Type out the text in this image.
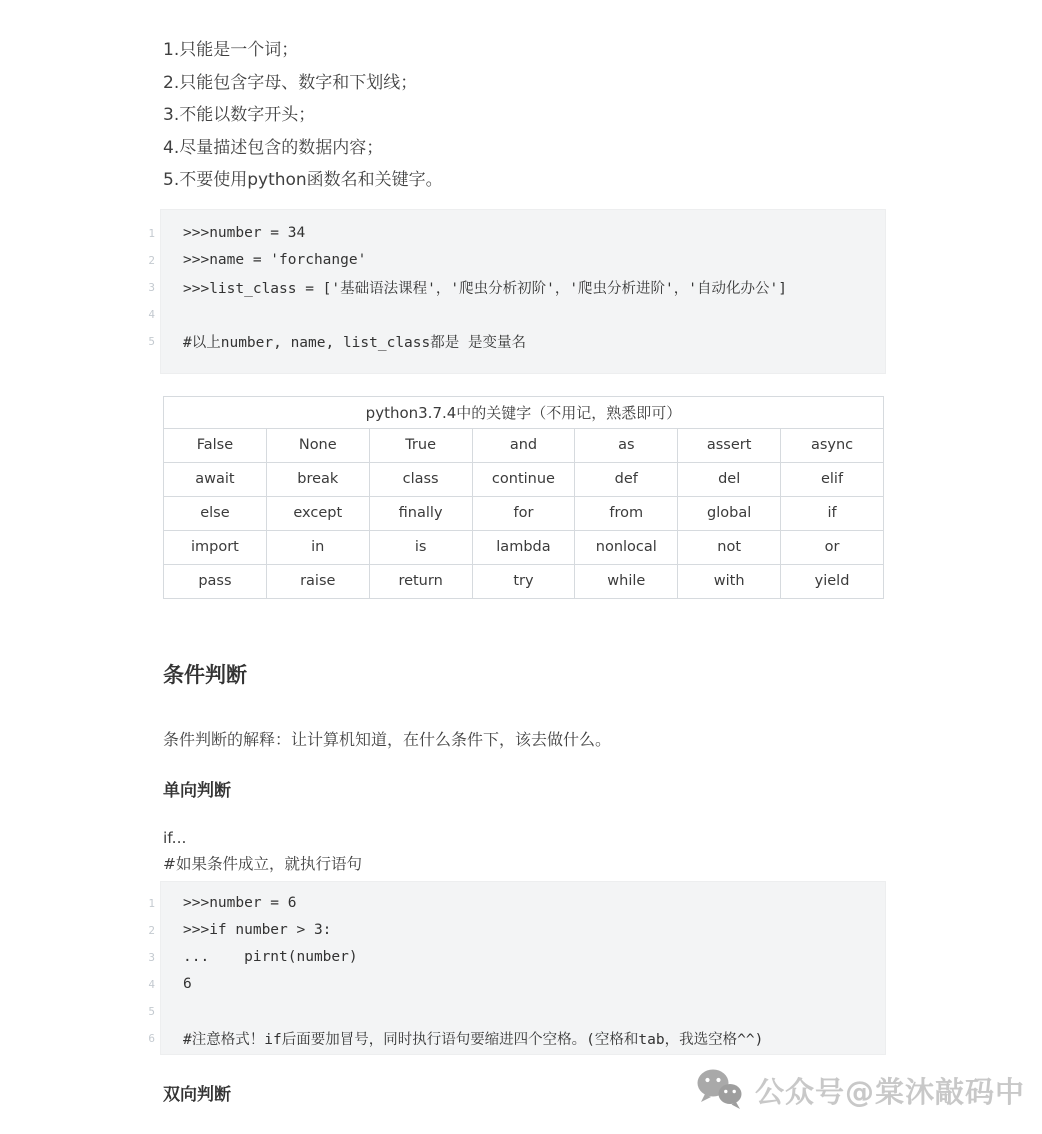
1.只能是一个词；
2.只能包含字母、数字和下划线；
3.不能以数字开头；
4.尽量描述包含的数据内容；
5.不要使用python函数名和关键字。
1 >>>number = 34
2 >>>name = 'forchange'
3 >>>list_class = ['基础语法课程'，'爬虫分析初阶'，'爬虫分析进阶'，'自动化办公']
4
5 #以上number, name, list_class都是 是变量名
python3.7.4中的关键字（不用记，熟悉即可）						
False	None	True	and	as	assert	async
await	break	class	continue	def	del	elif
else	except	finally	for	from	global	if
import	in	is	lambda	nonlocal	not	or
pass	raise	return	try	while	with	yield
条件判断
条件判断的解释：让计算机知道，在什么条件下，该去做什么。
单向判断
if...
#如果条件成立，就执行语句
1 >>>number = 6
2 >>>if number > 3:
3 ...    pirnt(number)
4 6
5
6 #注意格式！if后面要加冒号，同时执行语句要缩进四个空格。(空格和tab，我选空格^^)
双向判断	公众号@棠沐敲码中
